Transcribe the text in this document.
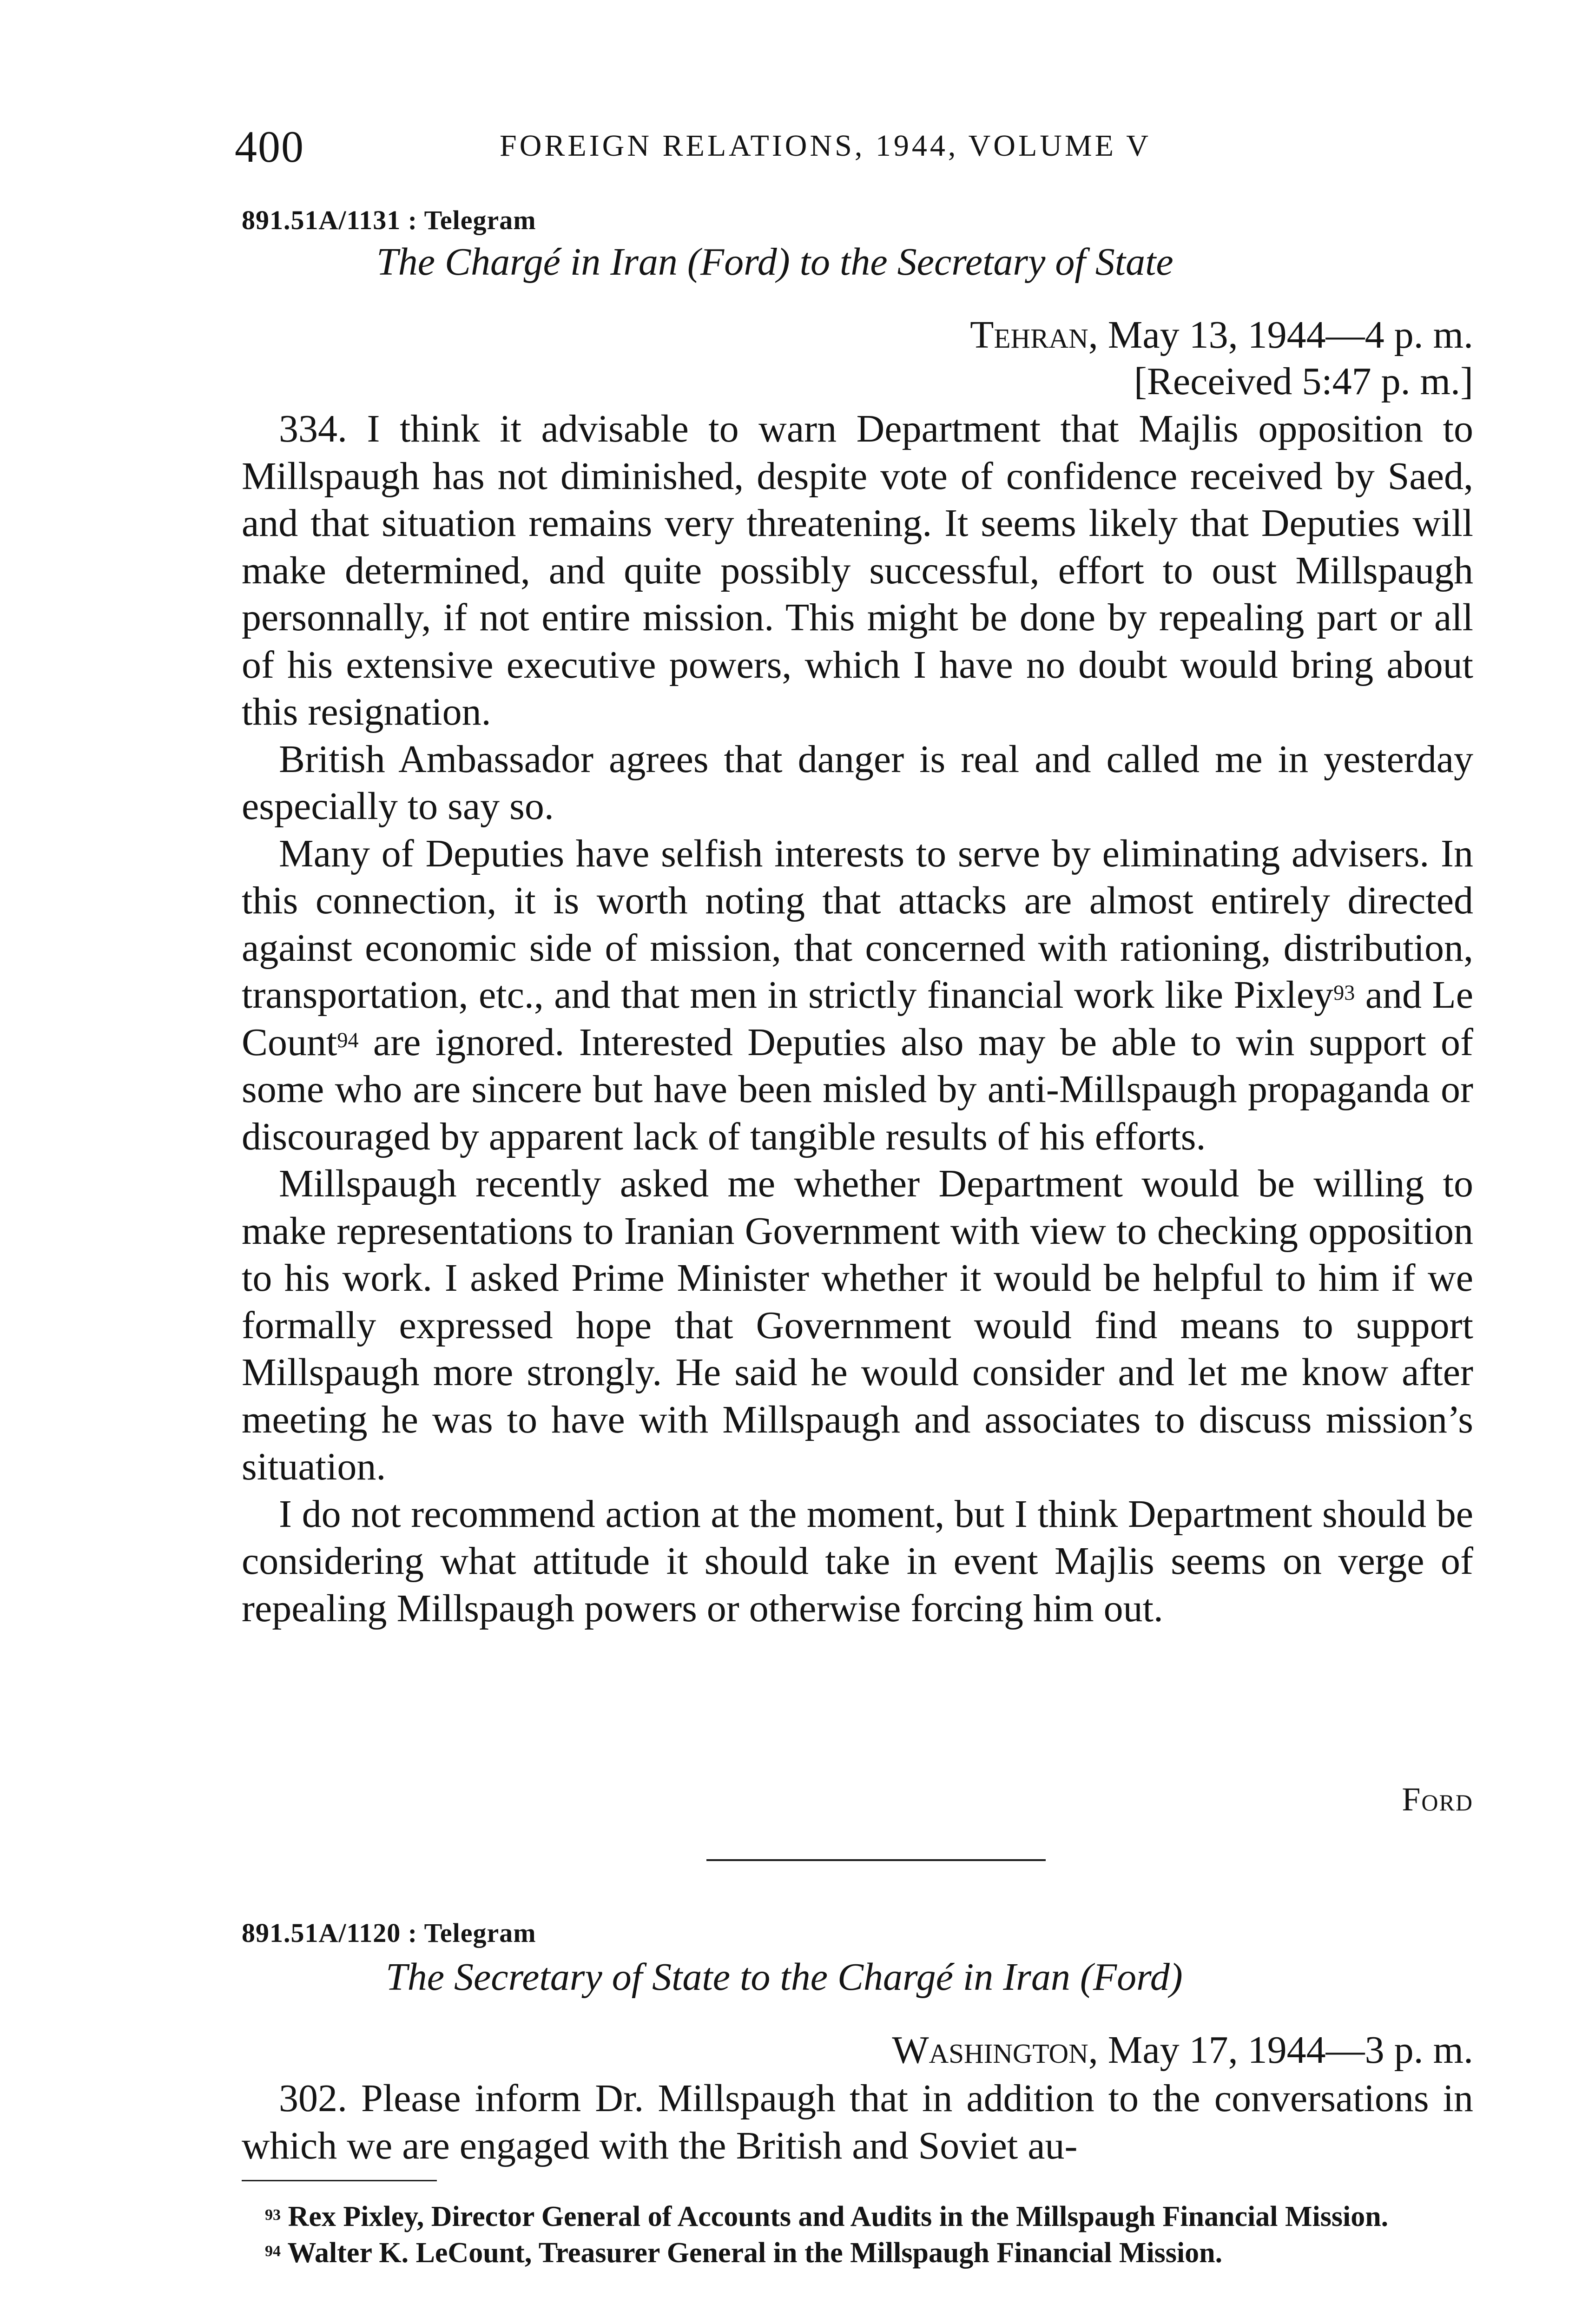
400	FOREIGN RELATIONS, 1944, VOLUME V
891.51A/1131 : Telegram
The Chargé in Iran (Ford) to the Secretary of State
Tehran, May 13, 1944—4 p. m.
[Received 5:47 p. m.]

334. I think it advisable to warn Department that Majlis opposition to Millspaugh has not diminished, despite vote of confidence received by Saed, and that situation remains very threatening. It seems likely that Deputies will make determined, and quite possibly successful, effort to oust Millspaugh personnally, if not entire mission. This might be done by repealing part or all of his extensive executive powers, which I have no doubt would bring about this resignation.

British Ambassador agrees that danger is real and called me in yesterday especially to say so.

Many of Deputies have selfish interests to serve by eliminating advisers. In this connection, it is worth noting that attacks are almost entirely directed against economic side of mission, that concerned with rationing, distribution, transportation, etc., and that men in strictly financial work like Pixley$^{93}$ and Le Count$^{94}$ are ignored. Interested Deputies also may be able to win support of some who are sincere but have been misled by anti-Millspaugh propaganda or discouraged by apparent lack of tangible results of his efforts.

Millspaugh recently asked me whether Department would be willing to make representations to Iranian Government with view to checking opposition to his work. I asked Prime Minister whether it would be helpful to him if we formally expressed hope that Government would find means to support Millspaugh more strongly. He said he would consider and let me know after meeting he was to have with Millspaugh and associates to discuss mission’s situation.

I do not recommend action at the moment, but I think Department should be considering what attitude it should take in event Majlis seems on verge of repealing Millspaugh powers or otherwise forcing him out.

Ford
891.51A/1120 : Telegram
The Secretary of State to the Chargé in Iran (Ford)
Washington, May 17, 1944—3 p. m.

302. Please inform Dr. Millspaugh that in addition to the conversations in which we are engaged with the British and Soviet au-

$^{93}$ Rex Pixley, Director General of Accounts and Audits in the Millspaugh Financial Mission.

$^{94}$ Walter K. LeCount, Treasurer General in the Millspaugh Financial Mission.
